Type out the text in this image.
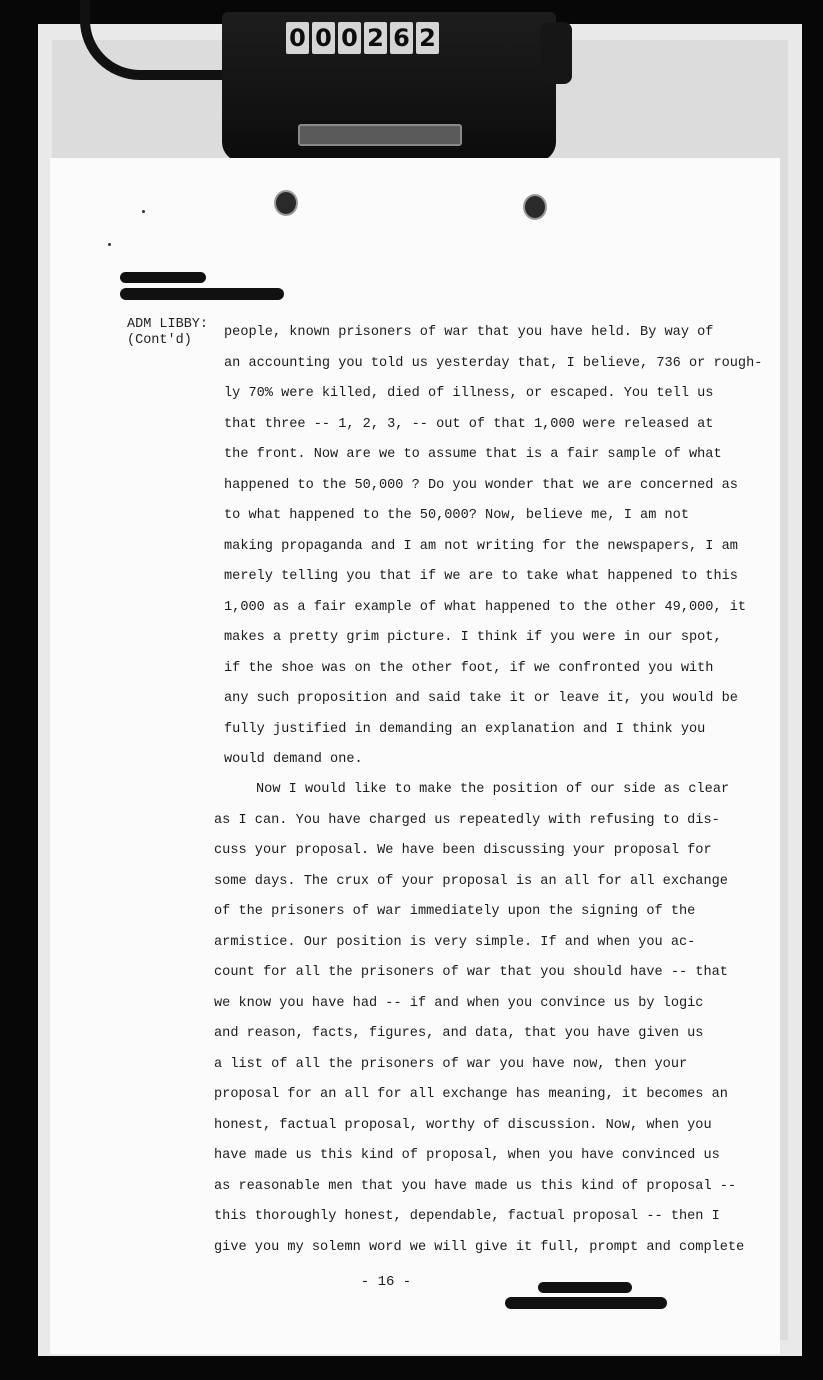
0 0 0 2 6 2
ADM LIBBY:
(Cont'd)
people, known prisoners of war that you have held. By way of
an accounting you told us yesterday that, I believe, 736 or rough-
ly 70% were killed, died of illness, or escaped. You tell us
that three -- 1, 2, 3, -- out of that 1,000 were released at
the front. Now are we to assume that is a fair sample of what
happened to the 50,000 ? Do you wonder that we are concerned as
to what happened to the 50,000? Now, believe me, I am not
making propaganda and I am not writing for the newspapers, I am
merely telling you that if we are to take what happened to this
1,000 as a fair example of what happened to the other 49,000, it
makes a pretty grim picture. I think if you were in our spot,
if the shoe was on the other foot, if we confronted you with
any such proposition and said take it or leave it, you would be
fully justified in demanding an explanation and I think you
would demand one.
Now I would like to make the position of our side as clear
as I can. You have charged us repeatedly with refusing to dis-
cuss your proposal. We have been discussing your proposal for
some days. The crux of your proposal is an all for all exchange
of the prisoners of war immediately upon the signing of the
armistice. Our position is very simple. If and when you ac-
count for all the prisoners of war that you should have -- that
we know you have had -- if and when you convince us by logic
and reason, facts, figures, and data, that you have given us
a list of all the prisoners of war you have now, then your
proposal for an all for all exchange has meaning, it becomes an
honest, factual proposal, worthy of discussion. Now, when you
have made us this kind of proposal, when you have convinced us
as reasonable men that you have made us this kind of proposal --
this thoroughly honest, dependable, factual proposal -- then I
give you my solemn word we will give it full, prompt and complete
- 16 -
